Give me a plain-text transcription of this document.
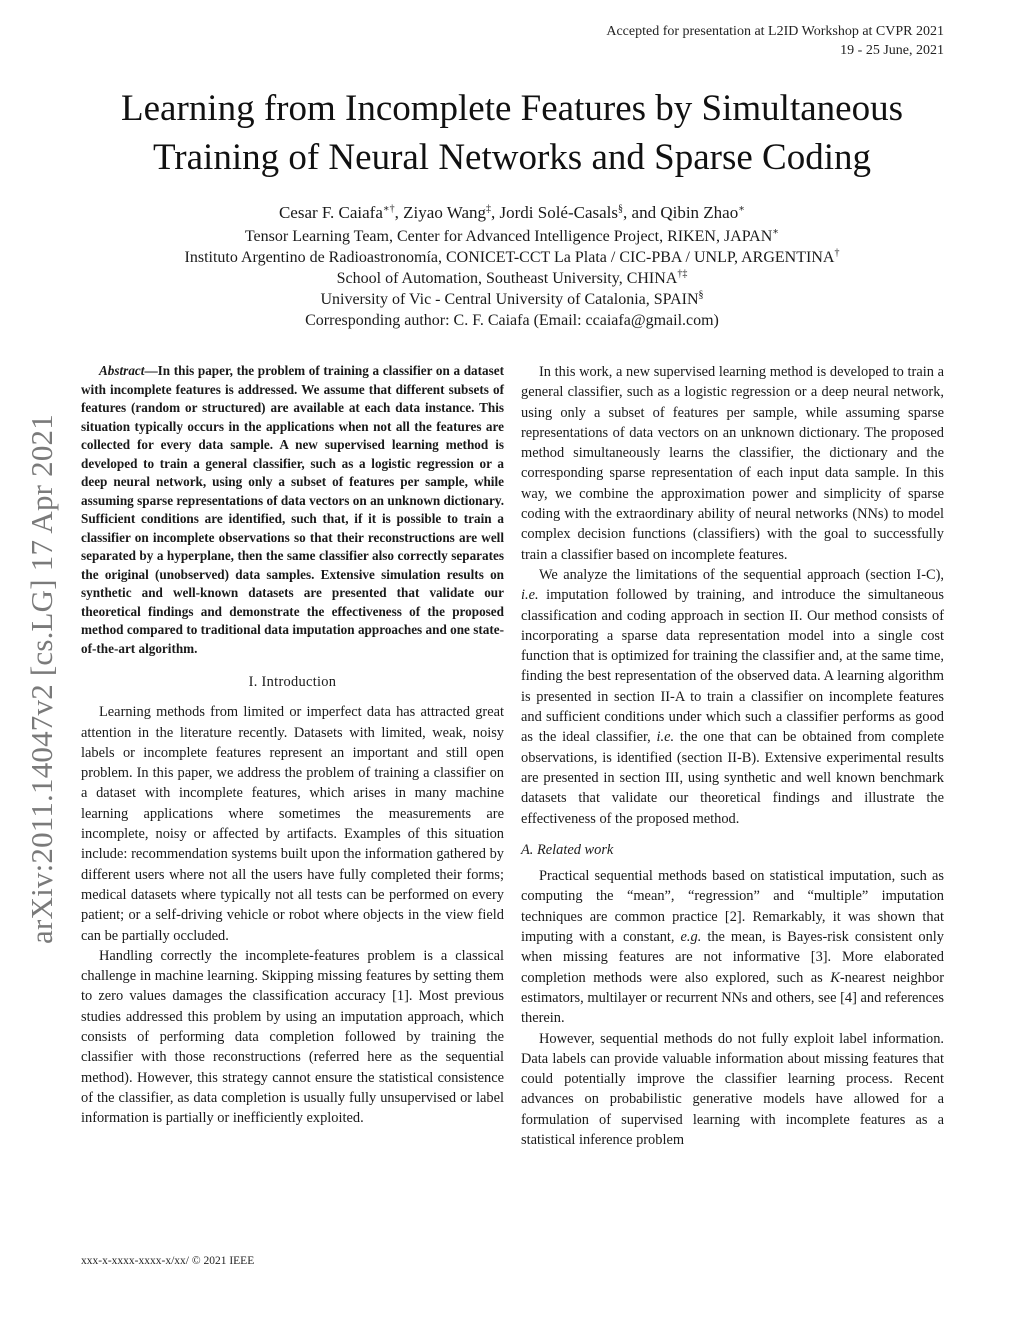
Accepted for presentation at L2ID Workshop at CVPR 2021
19 - 25 June, 2021
Learning from Incomplete Features by Simultaneous
Training of Neural Networks and Sparse Coding
Cesar F. Caiafa∗†, Ziyao Wang‡, Jordi Solé-Casals§, and Qibin Zhao∗
Tensor Learning Team, Center for Advanced Intelligence Project, RIKEN, JAPAN∗
Instituto Argentino de Radioastronomía, CONICET-CCT La Plata / CIC-PBA / UNLP, ARGENTINA†
School of Automation, Southeast University, CHINA†‡
University of Vic - Central University of Catalonia, SPAIN§
Corresponding author: C. F. Caiafa (Email: ccaiafa@gmail.com)
arXiv:2011.14047v2 [cs.LG] 17 Apr 2021

Abstract—In this paper, the problem of training a classifier on a dataset with incomplete features is addressed. We assume that different subsets of features (random or structured) are available at each data instance. This situation typically occurs in the applications when not all the features are collected for every data sample. A new supervised learning method is developed to train a general classifier, such as a logistic regression or a deep neural network, using only a subset of features per sample, while assuming sparse representations of data vectors on an unknown dictionary. Sufficient conditions are identified, such that, if it is possible to train a classifier on incomplete observations so that their reconstructions are well separated by a hyperplane, then the same classifier also correctly separates the original (unobserved) data samples. Extensive simulation results on synthetic and well-known datasets are presented that validate our theoretical findings and demonstrate the effectiveness of the proposed method compared to traditional data imputation approaches and one state-of-the-art algorithm.

I. Introduction

Learning methods from limited or imperfect data has attracted great attention in the literature recently. Datasets with limited, weak, noisy labels or incomplete features represent an important and still open problem. In this paper, we address the problem of training a classifier on a dataset with incomplete features, which arises in many machine learning applications where sometimes the measurements are incomplete, noisy or affected by artifacts. Examples of this situation include: recommendation systems built upon the information gathered by different users where not all the users have fully completed their forms; medical datasets where typically not all tests can be performed on every patient; or a self-driving vehicle or robot where objects in the view field can be partially occluded.

Handling correctly the incomplete-features problem is a classical challenge in machine learning. Skipping missing features by setting them to zero values damages the classification accuracy [1]. Most previous studies addressed this problem by using an imputation approach, which consists of performing data completion followed by training the classifier with those reconstructions (referred here as the sequential method). However, this strategy cannot ensure the statistical consistence of the classifier, as data completion is usually fully unsupervised or label information is partially or inefficiently exploited.

In this work, a new supervised learning method is developed to train a general classifier, such as a logistic regression or a deep neural network, using only a subset of features per sample, while assuming sparse representations of data vectors on an unknown dictionary. The proposed method simultaneously learns the classifier, the dictionary and the corresponding sparse representation of each input data sample. In this way, we combine the approximation power and simplicity of sparse coding with the extraordinary ability of neural networks (NNs) to model complex decision functions (classifiers) with the goal to successfully train a classifier based on incomplete features.

We analyze the limitations of the sequential approach (section I-C), i.e. imputation followed by training, and introduce the simultaneous classification and coding approach in section II. Our method consists of incorporating a sparse data representation model into a single cost function that is optimized for training the classifier and, at the same time, finding the best representation of the observed data. A learning algorithm is presented in section II-A to train a classifier on incomplete features and sufficient conditions under which such a classifier performs as good as the ideal classifier, i.e. the one that can be obtained from complete observations, is identified (section II-B). Extensive experimental results are presented in section III, using synthetic and well known benchmark datasets that validate our theoretical findings and illustrate the effectiveness of the proposed method.

A. Related work

Practical sequential methods based on statistical imputation, such as computing the “mean”, “regression” and “multiple” imputation techniques are common practice [2]. Remarkably, it was shown that imputing with a constant, e.g. the mean, is Bayes-risk consistent only when missing features are not informative [3]. More elaborated completion methods were also explored, such as K-nearest neighbor estimators, multilayer or recurrent NNs and others, see [4] and references therein.

However, sequential methods do not fully exploit label information. Data labels can provide valuable information about missing features that could potentially improve the classifier learning process. Recent advances on probabilistic generative models have allowed for a formulation of supervised learning with incomplete features as a statistical inference problem

xxx-x-xxxx-xxxx-x/xx/ © 2021 IEEE
